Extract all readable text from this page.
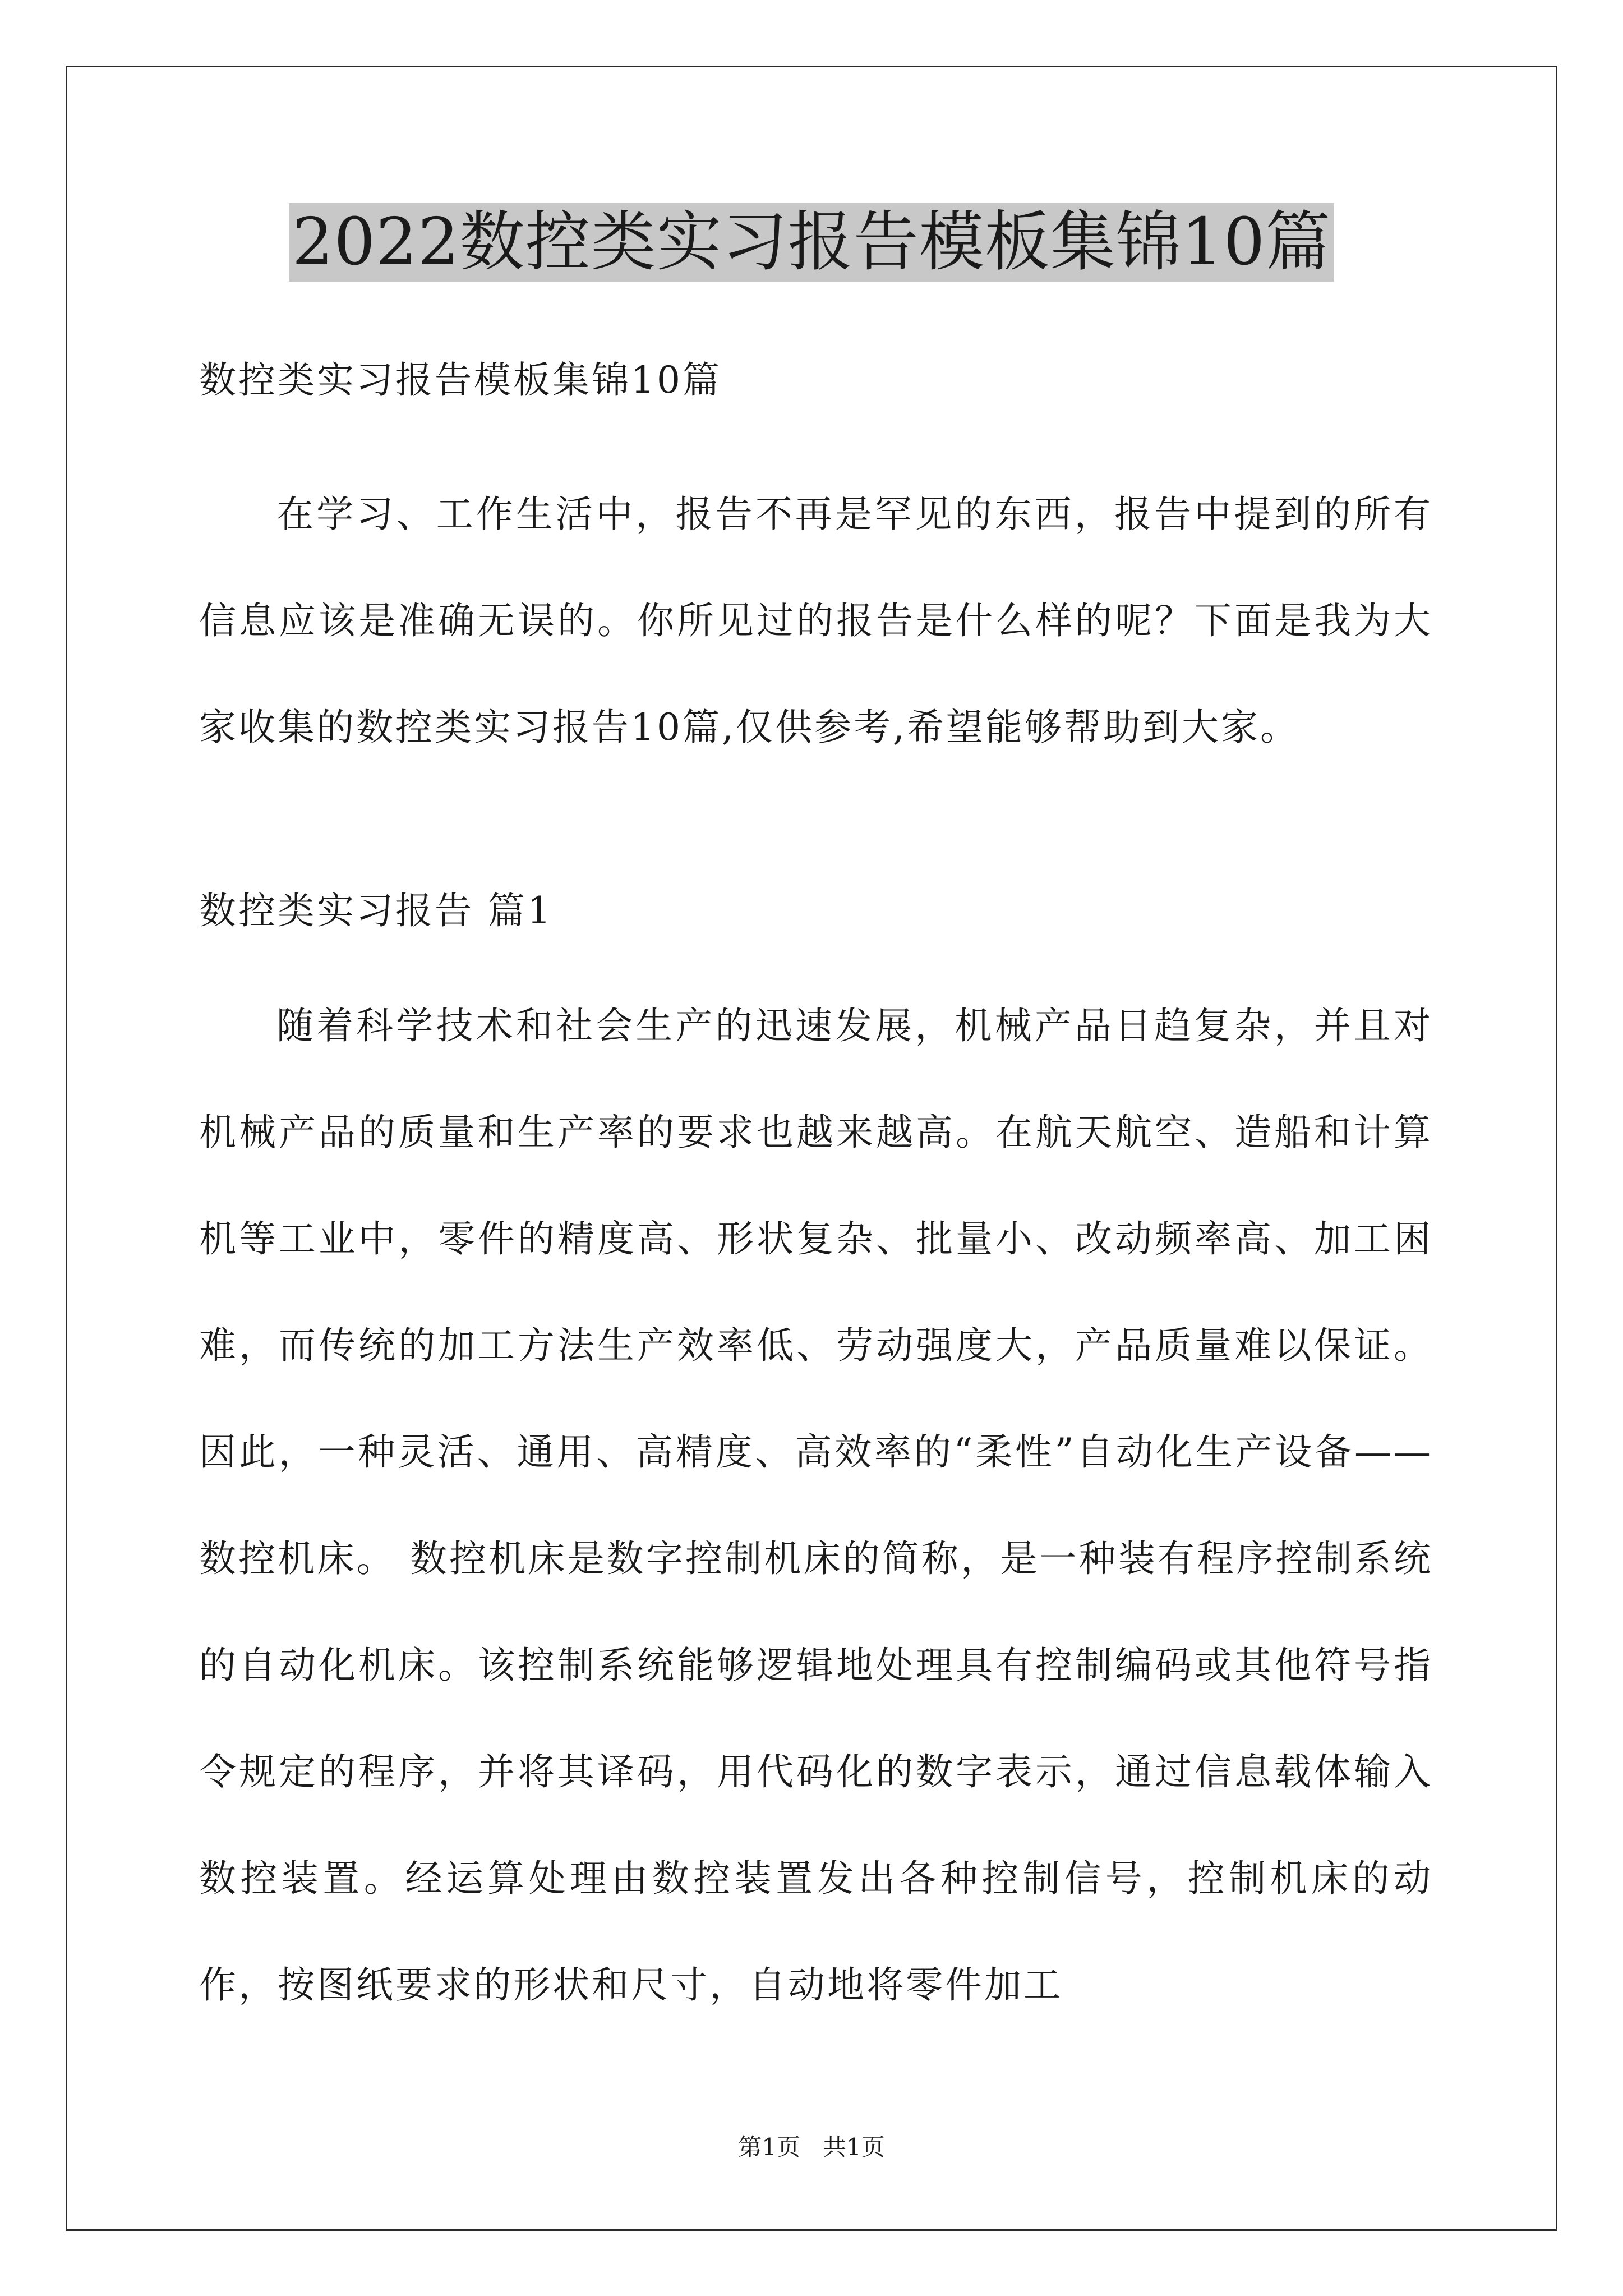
2022数控类实习报告模板集锦10篇

数控类实习报告模板集锦10篇

在学习、工作生活中，报告不再是罕见的东西，报告中提到的所有信息应该是准确无误的。你所见过的报告是什么样的呢？下面是我为大家收集的数控类实习报告10篇,仅供参考,希望能够帮助到大家。

数控类实习报告 篇1

随着科学技术和社会生产的迅速发展，机械产品日趋复杂，并且对机械产品的质量和生产率的要求也越来越高。在航天航空、造船和计算机等工业中，零件的精度高、形状复杂、批量小、改动频率高、加工困难，而传统的加工方法生产效率低、劳动强度大，产品质量难以保证。因此，一种灵活、通用、高精度、高效率的“柔性”自动化生产设备——数控机床。 数控机床是数字控制机床的简称，是一种装有程序控制系统的自动化机床。该控制系统能够逻辑地处理具有控制编码或其他符号指令规定的程序，并将其译码，用代码化的数字表示，通过信息载体输入数控装置。经运算处理由数控装置发出各种控制信号，控制机床的动作，按图纸要求的形状和尺寸，自动地将零件加工

第1页 共1页
